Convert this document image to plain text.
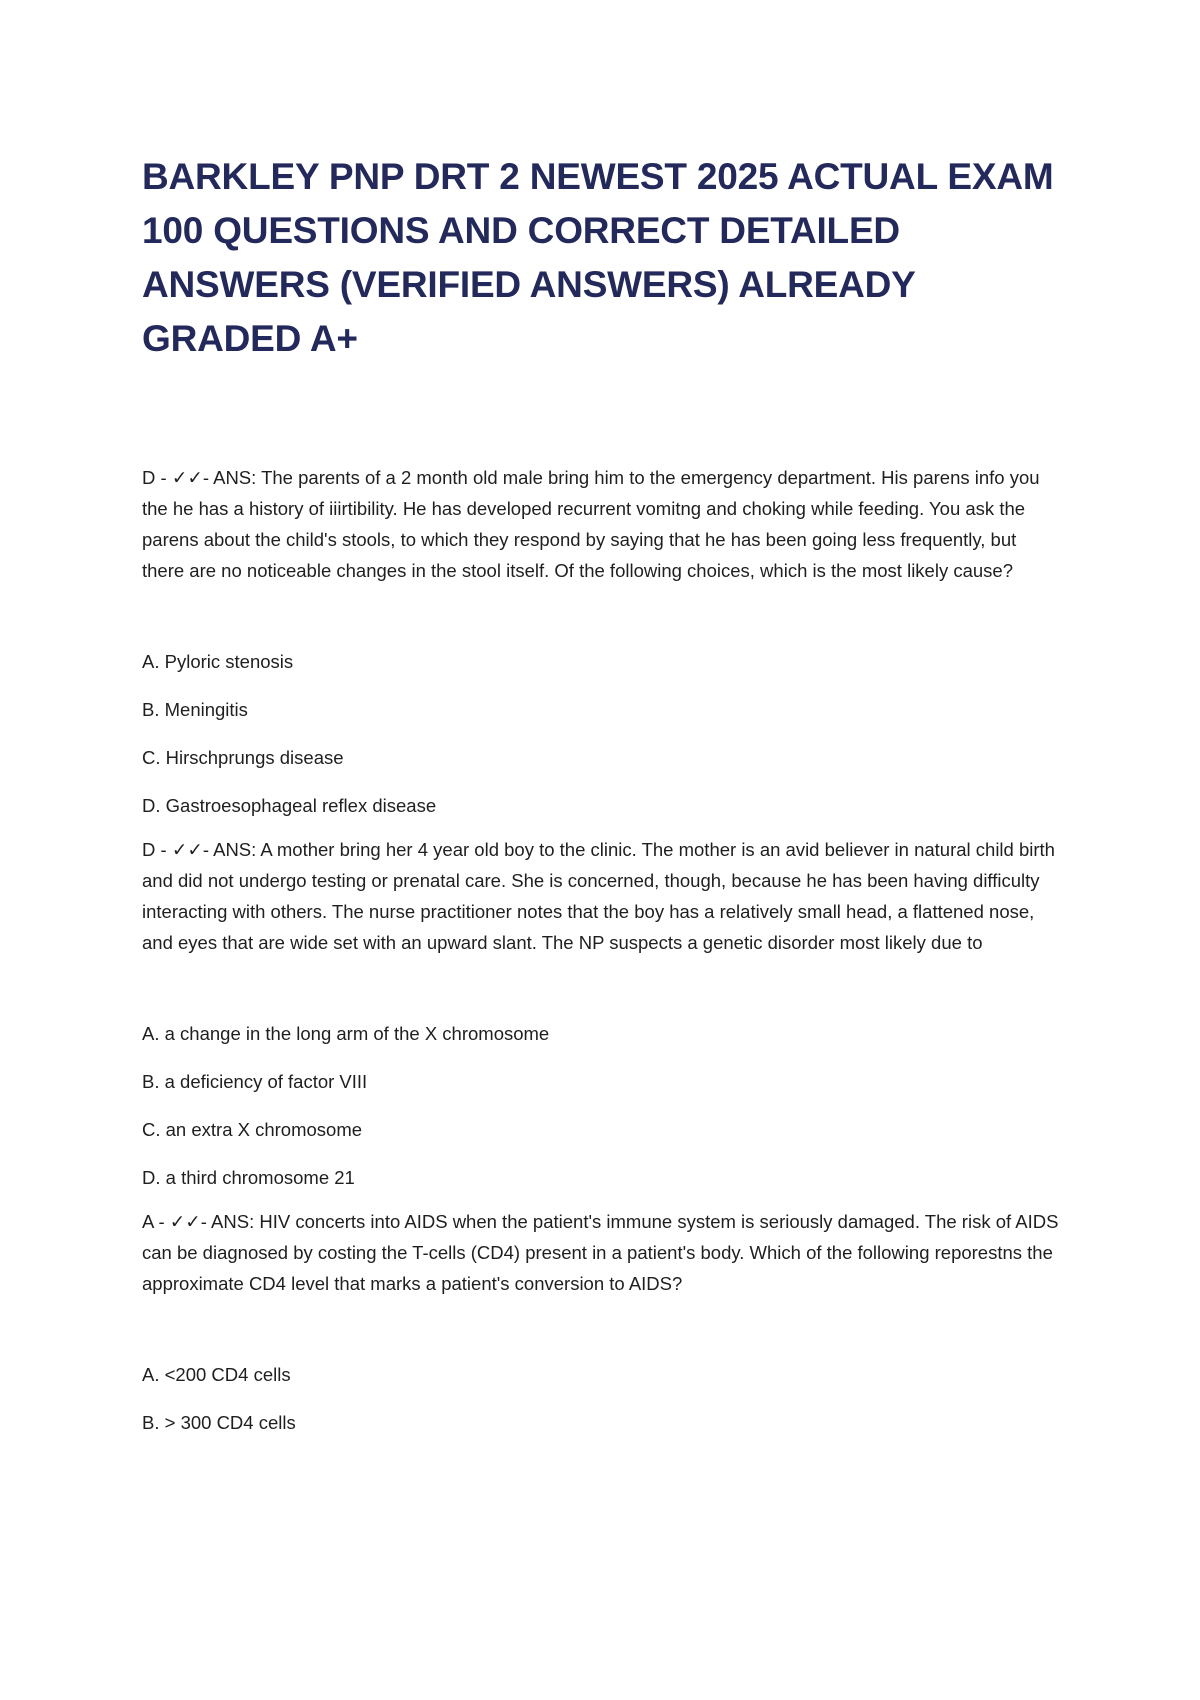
BARKLEY PNP DRT 2 NEWEST 2025 ACTUAL EXAM 100 QUESTIONS AND CORRECT DETAILED ANSWERS (VERIFIED ANSWERS) ALREADY GRADED A+

D - ✓✓- ANS: The parents of a 2 month old male bring him to the emergency department. His parens info you the he has a history of iiirtibility. He has developed recurrent vomitng and choking while feeding. You ask the parens about the child's stools, to which they respond by saying that he has been going less frequently, but there are no noticeable changes in the stool itself. Of the following choices, which is the most likely cause?

A. Pyloric stenosis
B. Meningitis
C. Hirschprungs disease
D. Gastroesophageal reflex disease

D - ✓✓- ANS: A mother bring her 4 year old boy to the clinic. The mother is an avid believer in natural child birth and did not undergo testing or prenatal care. She is concerned, though, because he has been having difficulty interacting with others. The nurse practitioner notes that the boy has a relatively small head, a flattened nose, and eyes that are wide set with an upward slant. The NP suspects a genetic disorder most likely due to

A. a change in the long arm of the X chromosome
B. a deficiency of factor VIII
C. an extra X chromosome
D. a third chromosome 21

A - ✓✓- ANS: HIV concerts into AIDS when the patient's immune system is seriously damaged. The risk of AIDS can be diagnosed by costing the T-cells (CD4) present in a patient's body. Which of the following reporestns the approximate CD4 level that marks a patient's conversion to AIDS?

A. <200 CD4 cells
B. > 300 CD4 cells
